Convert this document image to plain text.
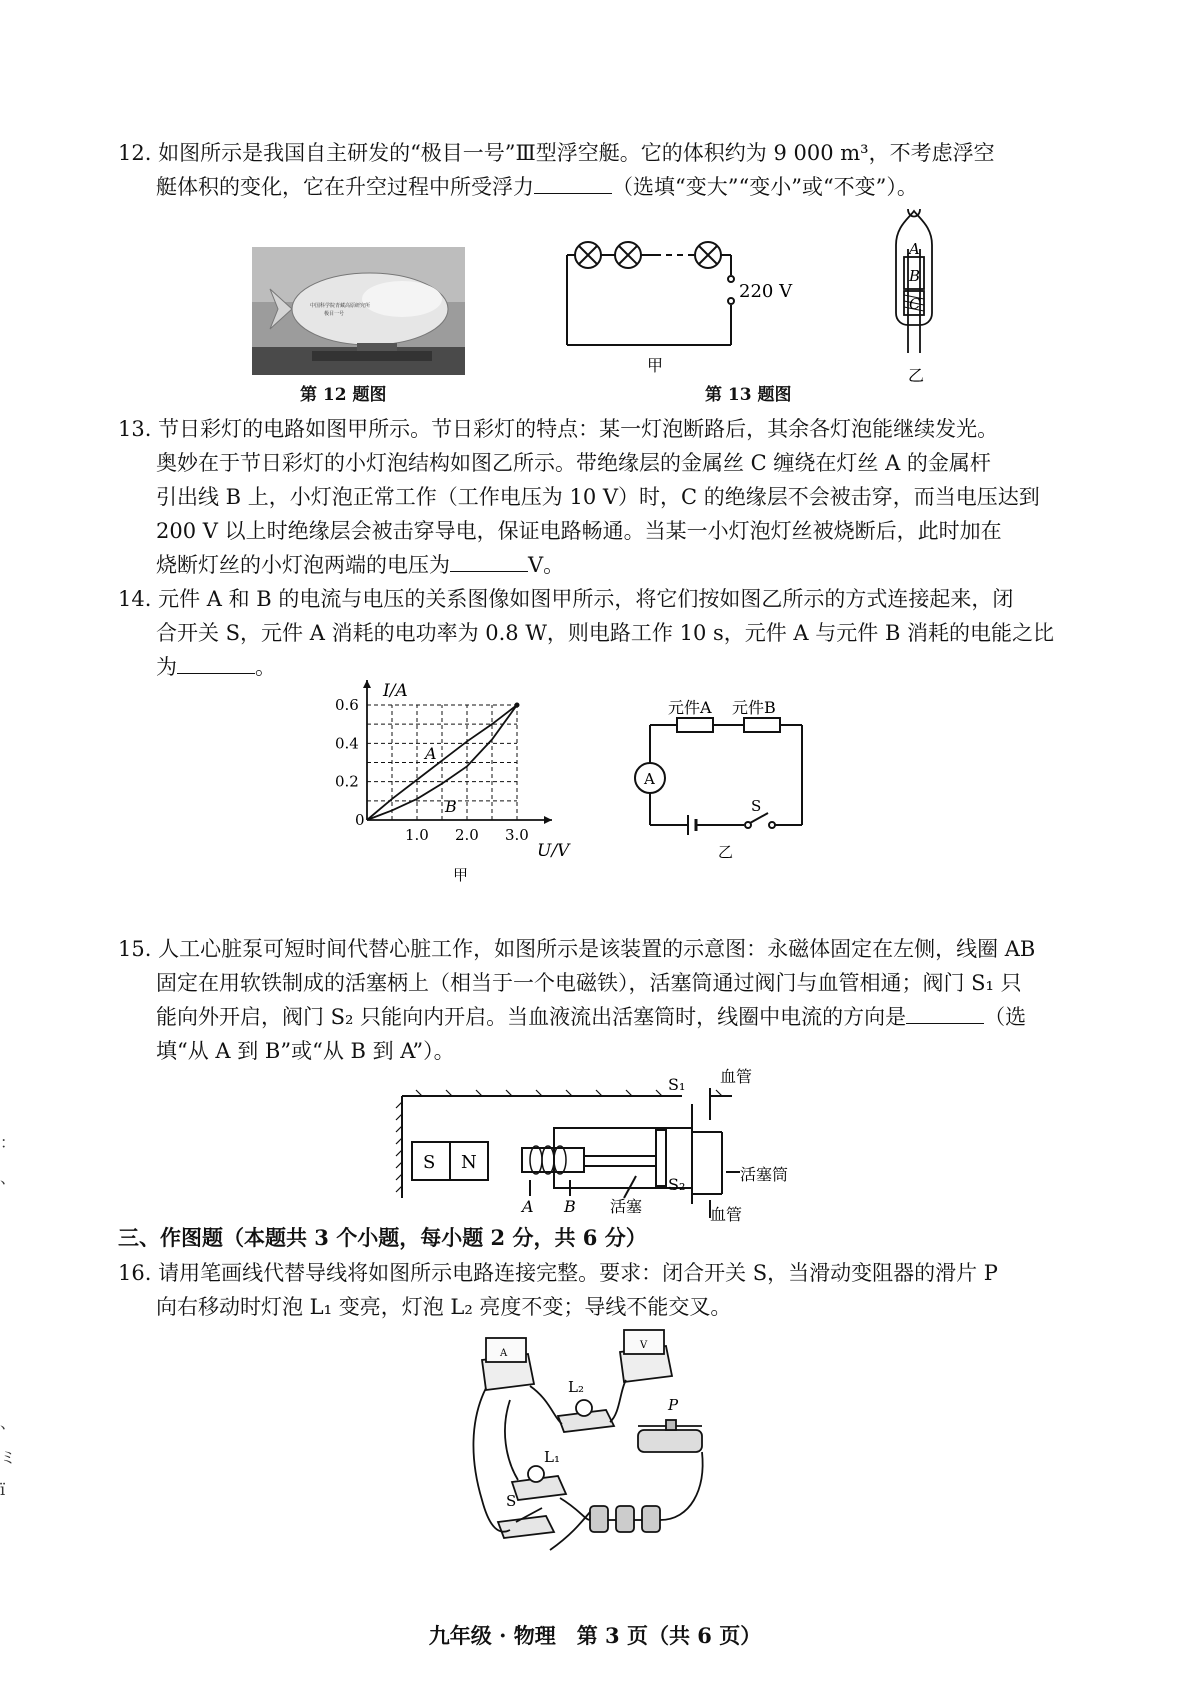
12. 如图所示是我国自主研发的“极目一号”Ⅲ型浮空艇。它的体积约为 9 000 m³，不考虑浮空

艇体积的变化，它在升空过程中所受浮力	（选填“变大”“变小”或“不变”）。

中国科学院青藏高原研究所
极目一号
第 12 题图
220 V
甲
A
B
C
乙
第 13 题图

13. 节日彩灯的电路如图甲所示。节日彩灯的特点：某一灯泡断路后，其余各灯泡能继续发光。

奥妙在于节日彩灯的小灯泡结构如图乙所示。带绝缘层的金属丝 C 缠绕在灯丝 A 的金属杆

引出线 B 上，小灯泡正常工作（工作电压为 10 V）时，C 的绝缘层不会被击穿，而当电压达到

200 V 以上时绝缘层会被击穿导电，保证电路畅通。当某一小灯泡灯丝被烧断后，此时加在

烧断灯丝的小灯泡两端的电压为	V。

14. 元件 A 和 B 的电流与电压的关系图像如图甲所示，将它们按如图乙所示的方式连接起来，闭

合开关 S，元件 A 消耗的电功率为 0.8 W，则电路工作 10 s，元件 A 与元件 B 消耗的电能之比

为	。

1.0 2.0 3.0
0
0.2
0.4
0.6
I/A
U/V
甲
A
B
元件A 元件B
A
S
乙

15. 人工心脏泵可短时间代替心脏工作，如图所示是该装置的示意图：永磁体固定在左侧，线圈 AB

固定在用软铁制成的活塞柄上（相当于一个电磁铁），活塞筒通过阀门与血管相通；阀门 S₁ 只

能向外开启，阀门 S₂ 只能向内开启。当血液流出活塞筒时，线圈中电流的方向是	（选

填“从 A 到 B”或“从 B 到 A”）。

S N
S₁
S₂
血管
血管
活塞筒
活塞
A B
三、作图题（本题共 3 个小题，每小题 2 分，共 6 分）

16. 请用笔画线代替导线将如图所示电路连接完整。要求：闭合开关 S，当滑动变阻器的滑片 P

向右移动时灯泡 L₁ 变亮，灯泡 L₂ 亮度不变；导线不能交叉。

A
V
L₂
L₁
P
S
九年级 · 物理　第 3 页（共 6 页）
：
、
、
ミ
ï
